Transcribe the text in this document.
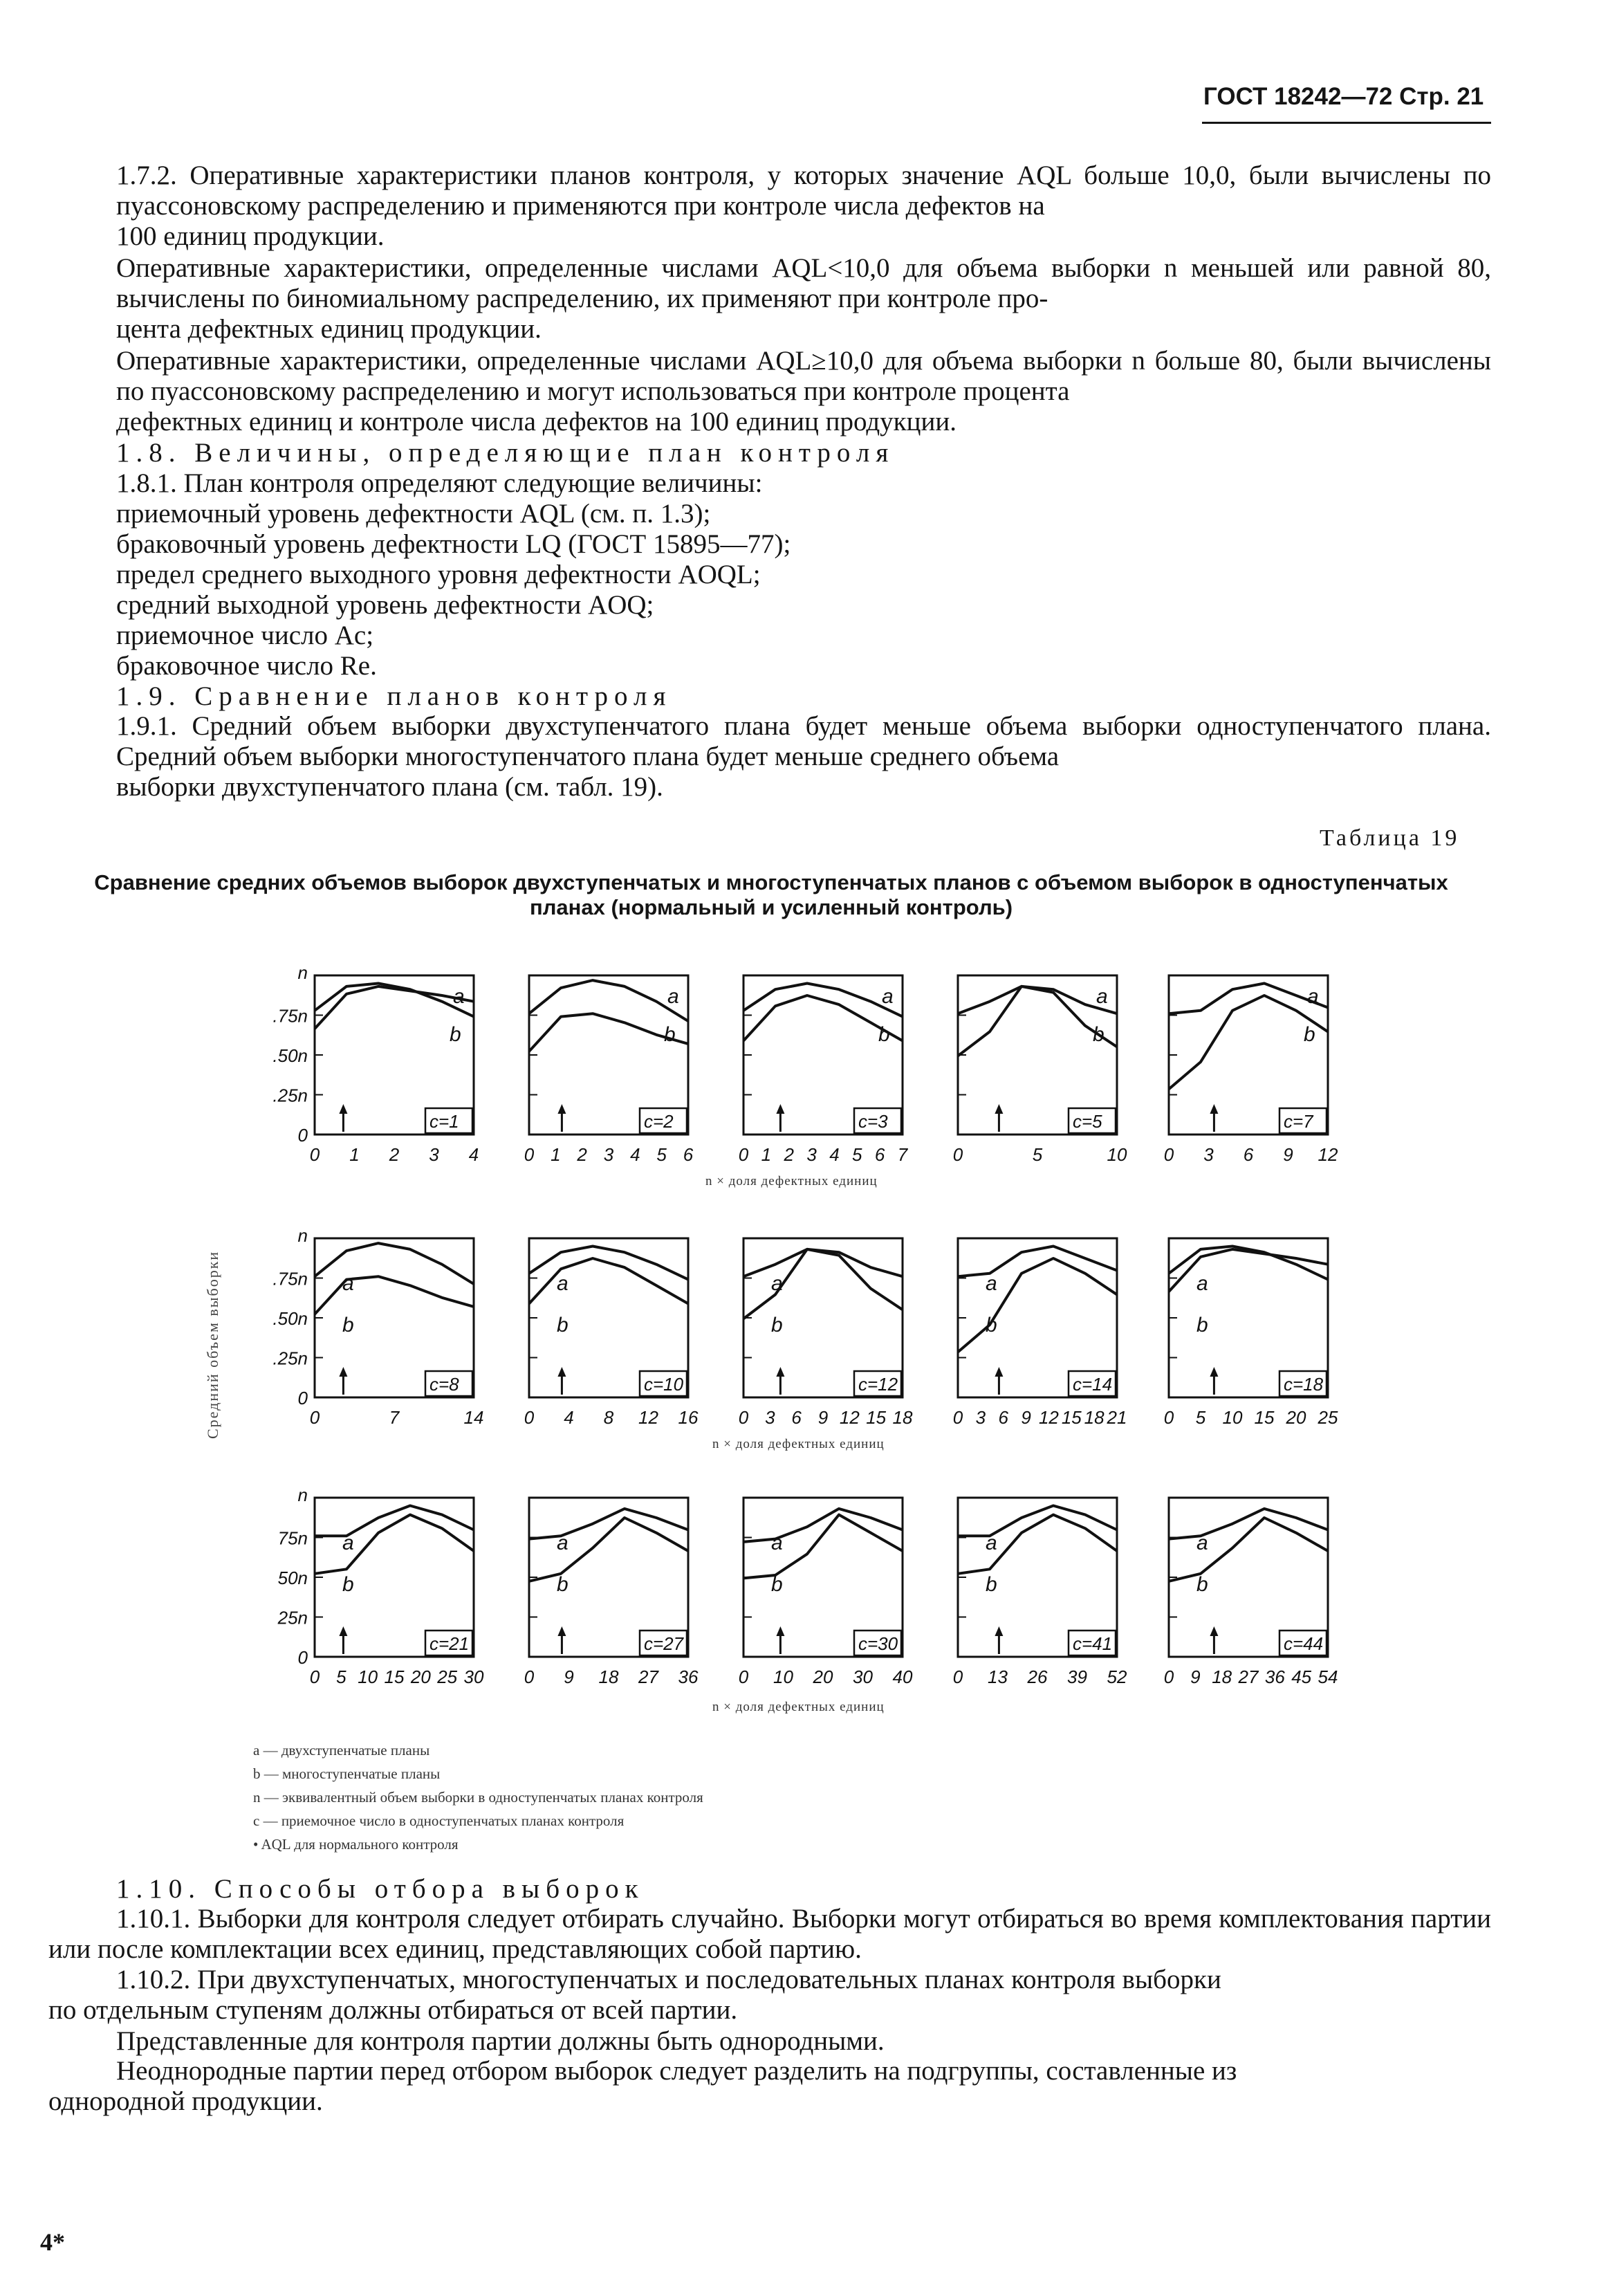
ГОСТ 18242—72 Стр. 21
1.7.2. Оперативные характеристики планов контроля, у которых значение AQL больше 10,0, были вычислены по пуассоновскому распределению и применяются при контроле числа дефектов на
100 единиц продукции.
Оперативные характеристики, определенные числами AQL<10,0 для объема выборки n меньшей или равной 80, вычислены по биномиальному распределению, их применяют при контроле про-
цента дефектных единиц продукции.
Оперативные характеристики, определенные числами AQL≥10,0 для объема выборки n больше 80, были вычислены по пуассоновскому распределению и могут использоваться при контроле процента
дефектных единиц и контроле числа дефектов на 100 единиц продукции.
1.8. Величины, определяющие план контроля
1.8.1. План контроля определяют следующие величины:
приемочный уровень дефектности AQL (см. п. 1.3);
браковочный уровень дефектности LQ (ГОСТ 15895—77);
предел среднего выходного уровня дефектности AOQL;
средний выходной уровень дефектности AOQ;
приемочное число Ac;
браковочное число Re.
1.9. Сравнение планов контроля
1.9.1. Средний объем выборки двухступенчатого плана будет меньше объема выборки одноступенчатого плана. Средний объем выборки многоступенчатого плана будет меньше среднего объема
выборки двухступенчатого плана (см. табл. 19).
Таблица 19
Сравнение средних объемов выборок двухступенчатых и многоступенчатых планов с объемом выборок в одноступенчатых
планах (нормальный и усиленный контроль)
a
b
c=1
0 1 2 3 4
a
b
c=2
0 1 2 3 4 5 6
a
b
c=3
0 1 2 3 4 5 6 7
a
b
c=5
0	5	10
a
b
c=7
0 3 6 9 12
a
b
c=8
0	7	14
a
b
c=10
0 4 8 12 16
a
b
c=12
0 3 6 9 12 15 18
a
b
c=14
0 3 6 9 12 15 18 21
a
b
c=18
0 5 10 15 20 25
a
b
c=21
0 5 10 15 20 25 30
a
b
c=27
0 9 18 27 36
a
b
c=30
0 10 20 30 40
a
b
c=41
0 13 26 39 52
a
b
c=44
0 9 18 27 36 45 54
n
.75n
.50n
.25n
0
n
.75n
.50n
.25n
0
n
75n
50n
25n
0
Средний объем выборки
n × доля дефектных единиц
n × доля дефектных единиц
n × доля дефектных единиц
a — двухступенчатые планы
b — многоступенчатые планы
n — эквивалентный объем выборки в одноступенчатых планах контроля
c — приемочное число в одноступенчатых планах контроля
• AQL для нормального контроля
1.10. Способы отбора выборок
1.10.1. Выборки для контроля следует отбирать случайно. Выборки могут отбираться во время комплектования партии или после комплектации всех единиц, представляющих собой партию.
1.10.2. При двухступенчатых, многоступенчатых и последовательных планах контроля выборки
по отдельным ступеням должны отбираться от всей партии.
Представленные для контроля партии должны быть однородными.
Неоднородные партии перед отбором выборок следует разделить на подгруппы, составленные из
однородной продукции.
4*
